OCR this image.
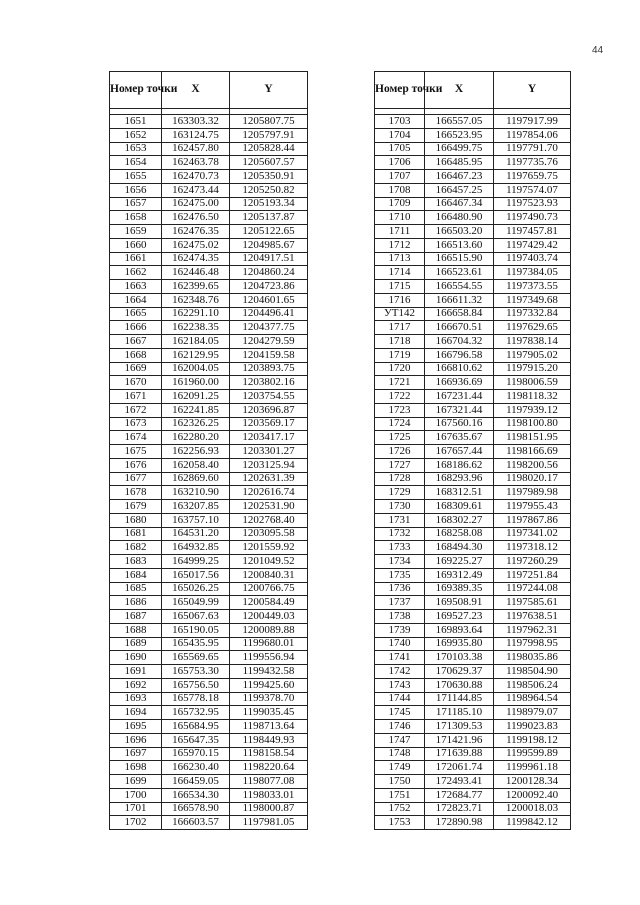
44
Номер точки	X	Y

1651	163303.32	1205807.75
1652	163124.75	1205797.91
1653	162457.80	1205828.44
1654	162463.78	1205607.57
1655	162470.73	1205350.91
1656	162473.44	1205250.82
1657	162475.00	1205193.34
1658	162476.50	1205137.87
1659	162476.35	1205122.65
1660	162475.02	1204985.67
1661	162474.35	1204917.51
1662	162446.48	1204860.24
1663	162399.65	1204723.86
1664	162348.76	1204601.65
1665	162291.10	1204496.41
1666	162238.35	1204377.75
1667	162184.05	1204279.59
1668	162129.95	1204159.58
1669	162004.05	1203893.75
1670	161960.00	1203802.16
1671	162091.25	1203754.55
1672	162241.85	1203696.87
1673	162326.25	1203569.17
1674	162280.20	1203417.17
1675	162256.93	1203301.27
1676	162058.40	1203125.94
1677	162869.60	1202631.39
1678	163210.90	1202616.74
1679	163207.85	1202531.90
1680	163757.10	1202768.40
1681	164531.20	1203095.58
1682	164932.85	1201559.92
1683	164999.25	1201049.52
1684	165017.56	1200840.31
1685	165026.25	1200766.75
1686	165049.99	1200584.49
1687	165067.63	1200449.03
1688	165190.05	1200089.88
1689	165435.95	1199680.01
1690	165569.65	1199556.94
1691	165753.30	1199432.58
1692	165756.50	1199425.60
1693	165778.18	1199378.70
1694	165732.95	1199035.45
1695	165684.95	1198713.64
1696	165647.35	1198449.93
1697	165970.15	1198158.54
1698	166230.40	1198220.64
1699	166459.05	1198077.08
1700	166534.30	1198033.01
1701	166578.90	1198000.87
1702	166603.57	1197981.05
Номер точки	X	Y

1703	166557.05	1197917.99
1704	166523.95	1197854.06
1705	166499.75	1197791.70
1706	166485.95	1197735.76
1707	166467.23	1197659.75
1708	166457.25	1197574.07
1709	166467.34	1197523.93
1710	166480.90	1197490.73
1711	166503.20	1197457.81
1712	166513.60	1197429.42
1713	166515.90	1197403.74
1714	166523.61	1197384.05
1715	166554.55	1197373.55
1716	166611.32	1197349.68
УТ142	166658.84	1197332.84
1717	166670.51	1197629.65
1718	166704.32	1197838.14
1719	166796.58	1197905.02
1720	166810.62	1197915.20
1721	166936.69	1198006.59
1722	167231.44	1198118.32
1723	167321.44	1197939.12
1724	167560.16	1198100.80
1725	167635.67	1198151.95
1726	167657.44	1198166.69
1727	168186.62	1198200.56
1728	168293.96	1198020.17
1729	168312.51	1197989.98
1730	168309.61	1197955.43
1731	168302.27	1197867.86
1732	168258.08	1197341.02
1733	168494.30	1197318.12
1734	169225.27	1197260.29
1735	169312.49	1197251.84
1736	169389.35	1197244.08
1737	169508.91	1197585.61
1738	169527.23	1197638.51
1739	169893.64	1197962.31
1740	169935.80	1197998.95
1741	170103.38	1198035.86
1742	170629.37	1198504.90
1743	170630.88	1198506.24
1744	171144.85	1198964.54
1745	171185.10	1198979.07
1746	171309.53	1199023.83
1747	171421.96	1199198.12
1748	171639.88	1199599.89
1749	172061.74	1199961.18
1750	172493.41	1200128.34
1751	172684.77	1200092.40
1752	172823.71	1200018.03
1753	172890.98	1199842.12
